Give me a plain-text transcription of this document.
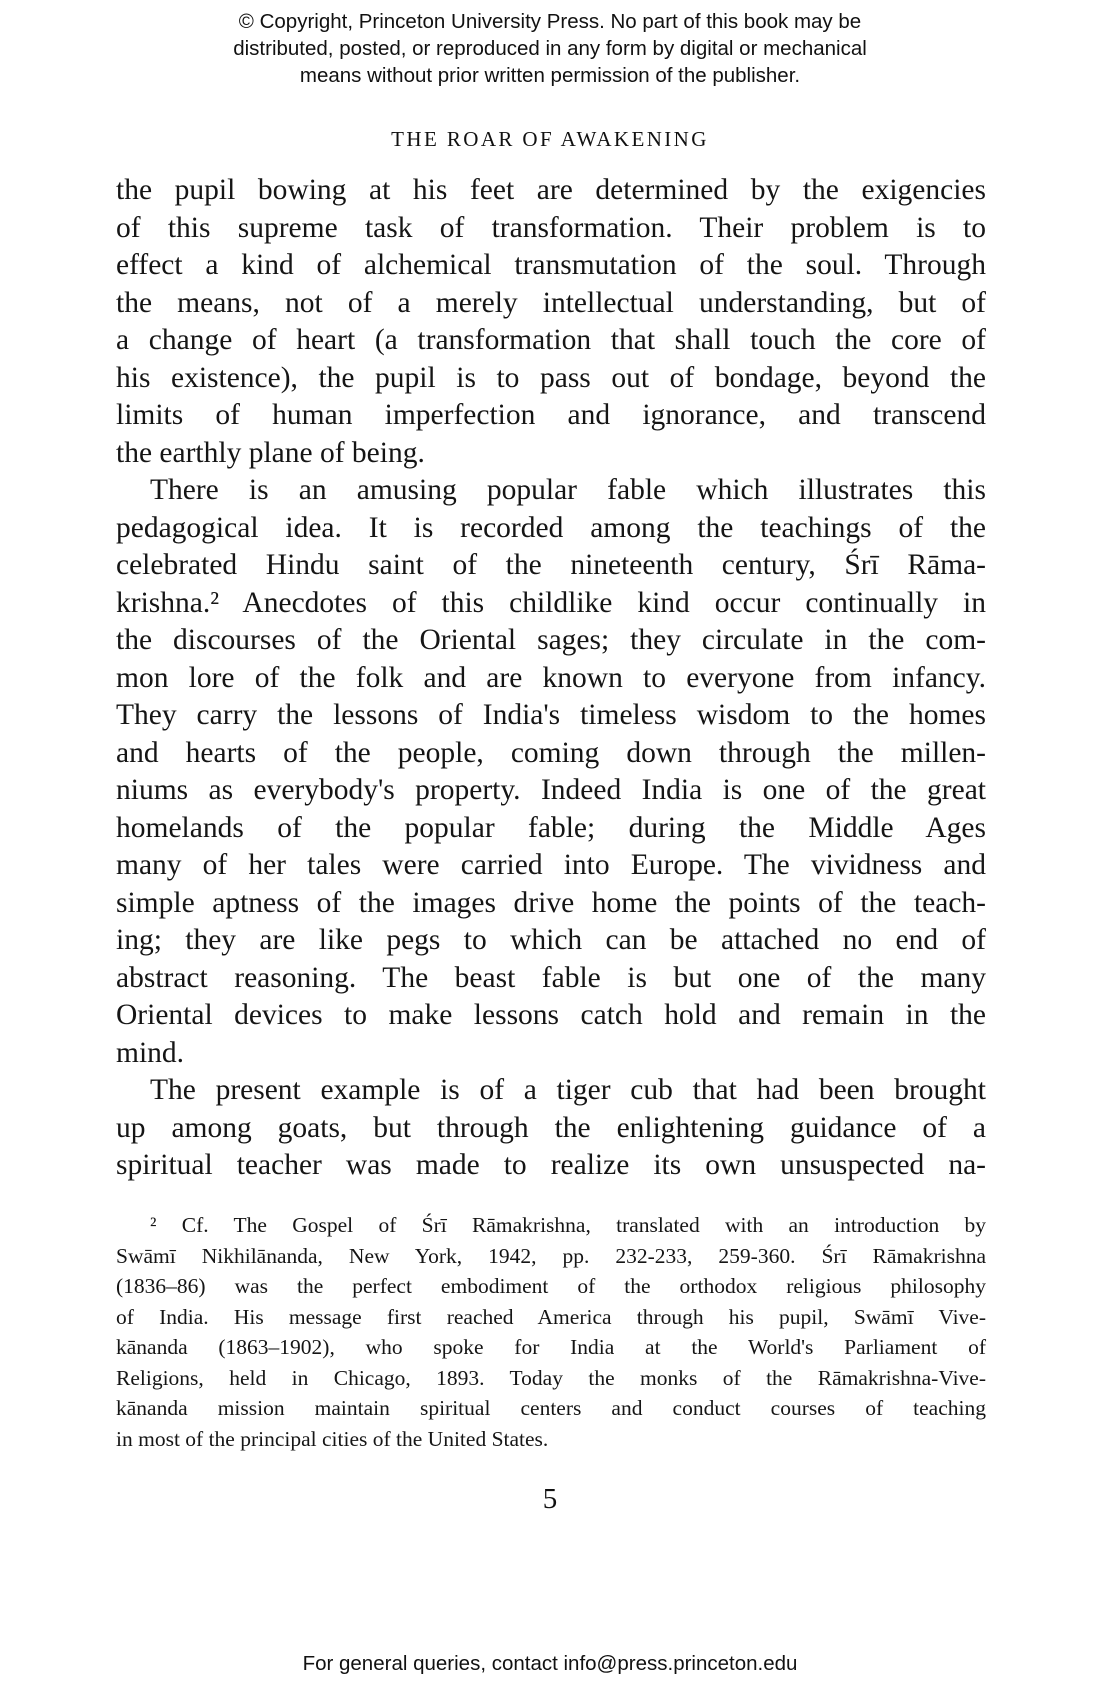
© Copyright, Princeton University Press. No part of this book may be
distributed, posted, or reproduced in any form by digital or mechanical
means without prior written permission of the publisher.
THE ROAR OF AWAKENING
the pupil bowing at his feet are determined by the exigencies
of this supreme task of transformation. Their problem is to
effect a kind of alchemical transmutation of the soul. Through
the means, not of a merely intellectual understanding, but of
a change of heart (a transformation that shall touch the core of
his existence), the pupil is to pass out of bondage, beyond the
limits of human imperfection and ignorance, and transcend
the earthly plane of being.
There is an amusing popular fable which illustrates this
pedagogical idea. It is recorded among the teachings of the
celebrated Hindu saint of the nineteenth century, Śrī Rāma-
krishna.² Anecdotes of this childlike kind occur continually in
the discourses of the Oriental sages; they circulate in the com-
mon lore of the folk and are known to everyone from infancy.
They carry the lessons of India's timeless wisdom to the homes
and hearts of the people, coming down through the millen-
niums as everybody's property. Indeed India is one of the great
homelands of the popular fable; during the Middle Ages
many of her tales were carried into Europe. The vividness and
simple aptness of the images drive home the points of the teach-
ing; they are like pegs to which can be attached no end of
abstract reasoning. The beast fable is but one of the many
Oriental devices to make lessons catch hold and remain in the
mind.
The present example is of a tiger cub that had been brought
up among goats, but through the enlightening guidance of a
spiritual teacher was made to realize its own unsuspected na-
² Cf. The Gospel of Śrī Rāmakrishna, translated with an introduction by
Swāmī Nikhilānanda, New York, 1942, pp. 232-233, 259-360. Śrī Rāmakrishna
(1836–86) was the perfect embodiment of the orthodox religious philosophy
of India. His message first reached America through his pupil, Swāmī Vive-
kānanda (1863–1902), who spoke for India at the World's Parliament of
Religions, held in Chicago, 1893. Today the monks of the Rāmakrishna-Vive-
kānanda mission maintain spiritual centers and conduct courses of teaching
in most of the principal cities of the United States.
5
For general queries, contact info@press.princeton.edu
